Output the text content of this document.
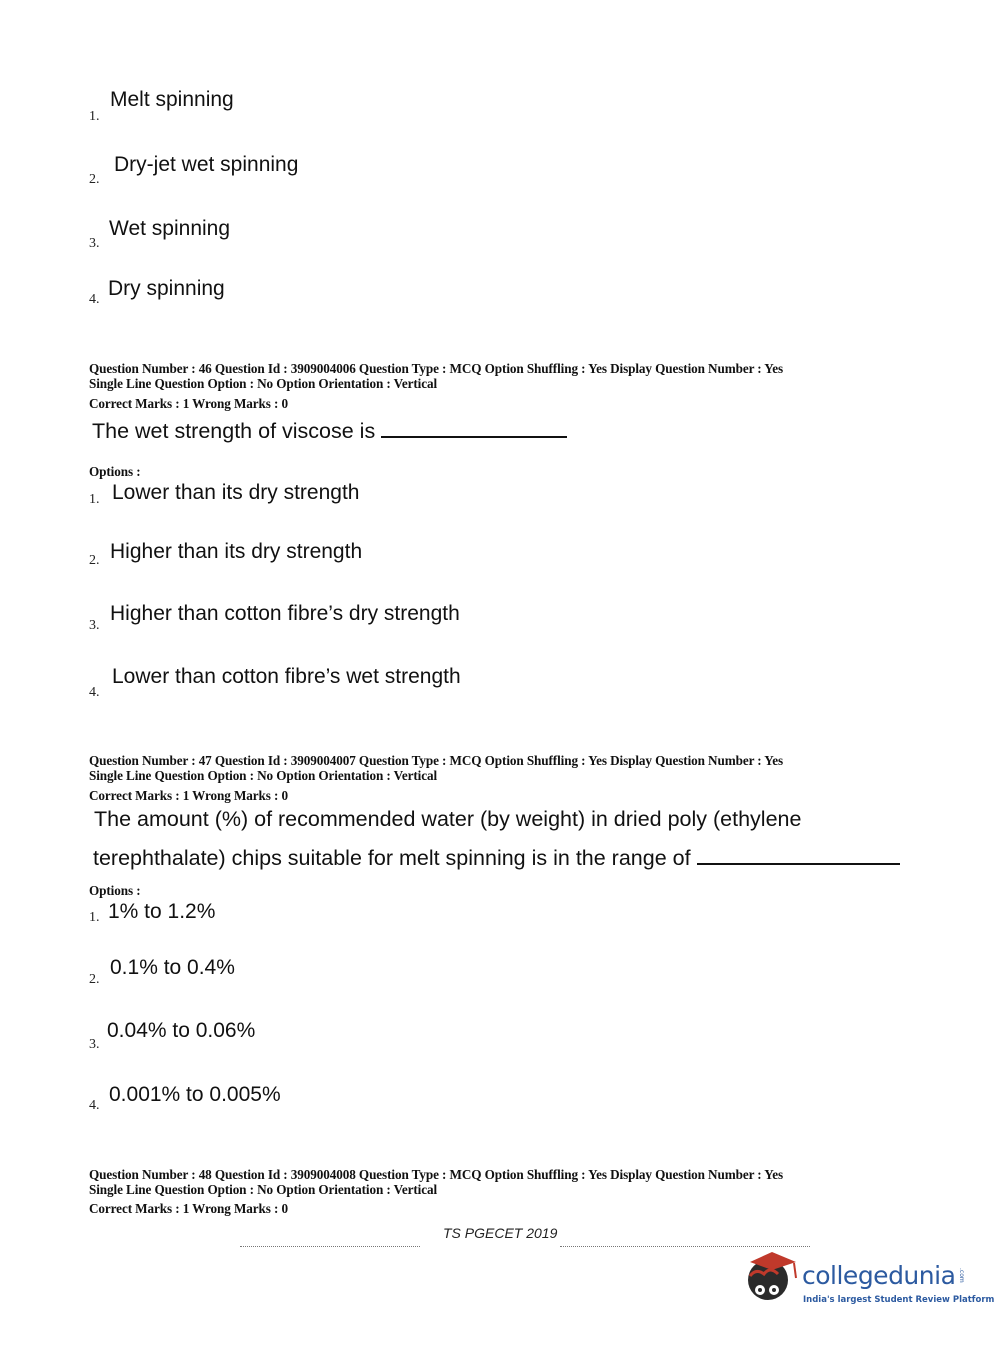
1.
Melt spinning
2.
Dry-jet wet spinning
3.
Wet spinning
4. Dry spinning
Question Number : 46 Question Id : 3909004006 Question Type : MCQ Option Shuffling : Yes Display Question Number : Yes
Single Line Question Option : No Option Orientation : Vertical
Correct Marks : 1 Wrong Marks : 0
The wet strength of viscose is
Options :
1. Lower than its dry strength
2. Higher than its dry strength
3.
Higher than cotton fibre’s dry strength
4.
Lower than cotton fibre’s wet strength
Question Number : 47 Question Id : 3909004007 Question Type : MCQ Option Shuffling : Yes Display Question Number : Yes
Single Line Question Option : No Option Orientation : Vertical
Correct Marks : 1 Wrong Marks : 0
The amount (%) of recommended water (by weight) in dried poly (ethylene
terephthalate) chips suitable for melt spinning is in the range of
Options :
1. 1% to 1.2%
2.
0.1% to 0.4%
3.
0.04% to 0.06%
4. 0.001% to 0.005%
Question Number : 48 Question Id : 3909004008 Question Type : MCQ Option Shuffling : Yes Display Question Number : Yes
Single Line Question Option : No Option Orientation : Vertical
Correct Marks : 1 Wrong Marks : 0
TS PGECET 2019
collegedunia .com
India's largest Student Review Platform
